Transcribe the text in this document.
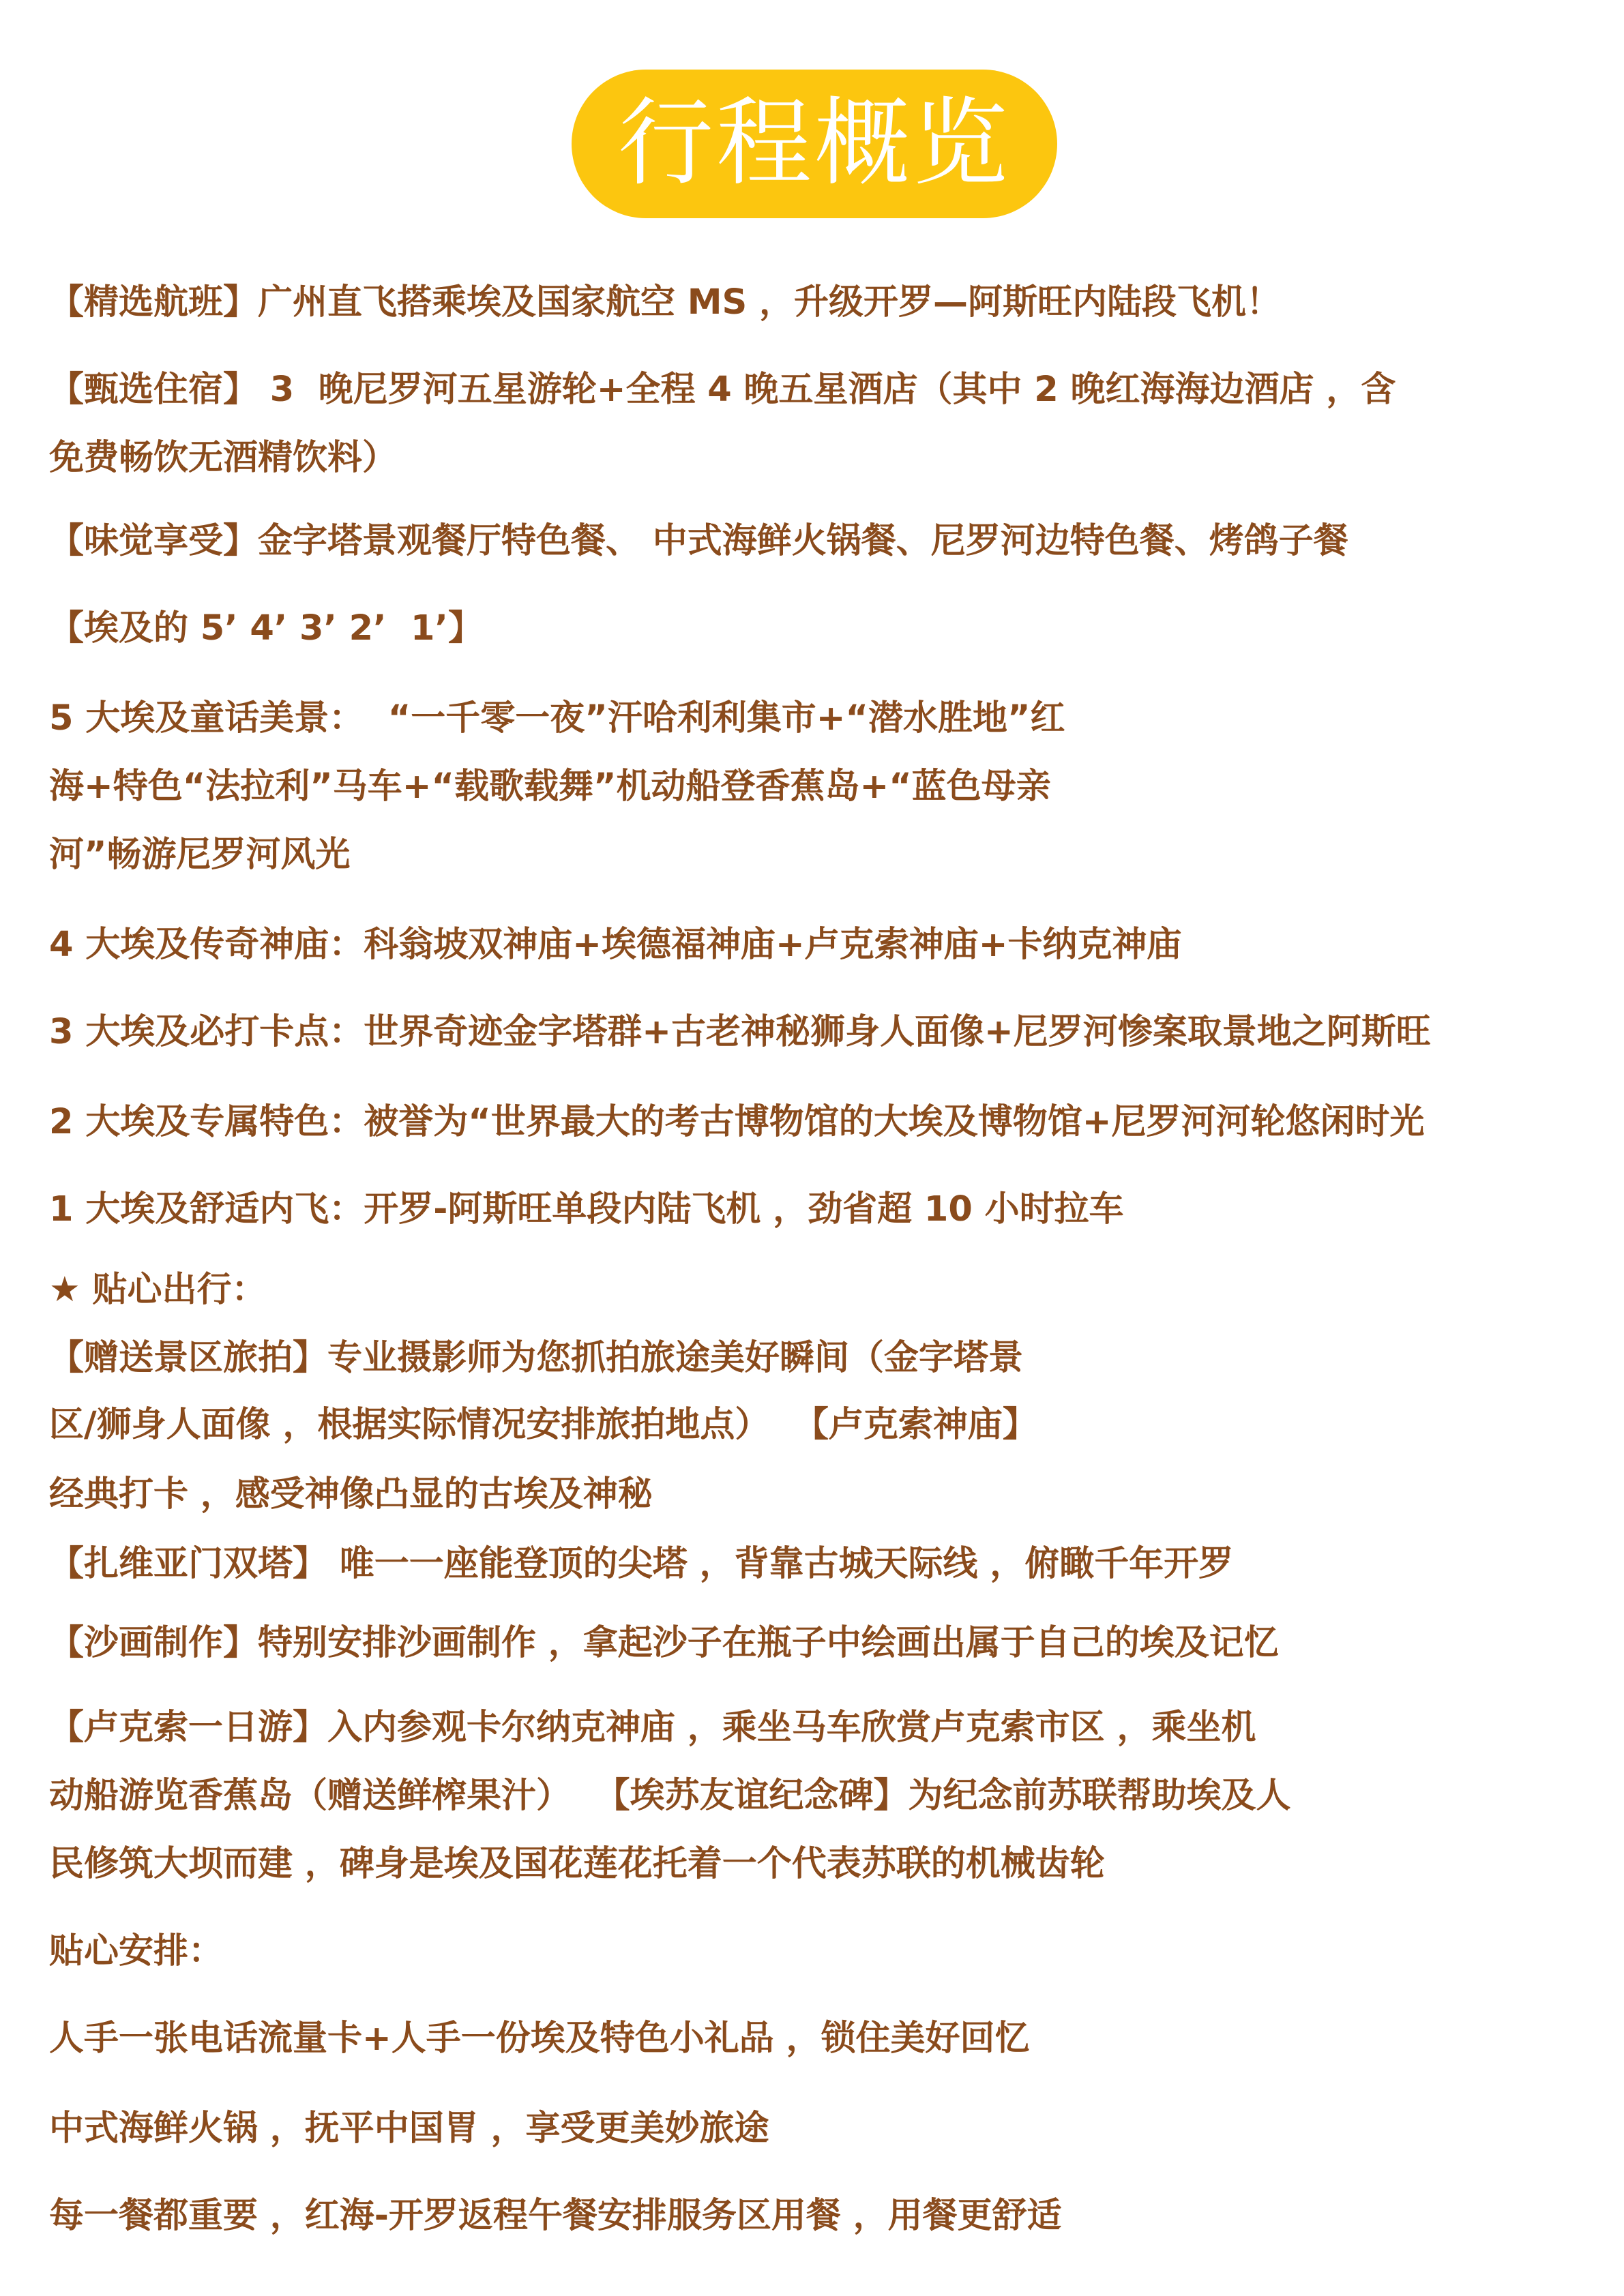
行程概览
【精选航班】广州直飞搭乘埃及国家航空 MS ，升级开罗—阿斯旺内陆段飞机！
【甄选住宿】 3  晚尼罗河五星游轮+全程 4 晚五星酒店（其中 2 晚红海海边酒店 ，含
免费畅饮无酒精饮料）
【味觉享受】金字塔景观餐厅特色餐、 中式海鲜火锅餐、尼罗河边特色餐、烤鸽子餐
【埃及的 5’ 4’ 3’ 2’  1’】
5 大埃及童话美景：  “一千零一夜”汗哈利利集市+“潜水胜地”红
海+特色“法拉利”马车+“载歌载舞”机动船登香蕉岛+“蓝色母亲
河”畅游尼罗河风光
4 大埃及传奇神庙：科翁坡双神庙+埃德福神庙+卢克索神庙+卡纳克神庙
3 大埃及必打卡点：世界奇迹金字塔群+古老神秘狮身人面像+尼罗河惨案取景地之阿斯旺
2 大埃及专属特色：被誉为“世界最大的考古博物馆的大埃及博物馆+尼罗河河轮悠闲时光
1 大埃及舒适内飞：开罗-阿斯旺单段内陆飞机 ，劲省超 10 小时拉车
★ 贴心出行：
【赠送景区旅拍】专业摄影师为您抓拍旅途美好瞬间（金字塔景
区/狮身人面像 ，根据实际情况安排旅拍地点）  【卢克索神庙】
经典打卡 ，感受神像凸显的古埃及神秘
【扎维亚门双塔】 唯一一座能登顶的尖塔 ，背靠古城天际线 ，俯瞰千年开罗
【沙画制作】特别安排沙画制作 ，拿起沙子在瓶子中绘画出属于自己的埃及记忆
【卢克索一日游】入内参观卡尔纳克神庙 ，乘坐马车欣赏卢克索市区 ，乘坐机
动船游览香蕉岛（赠送鲜榨果汁）  【埃苏友谊纪念碑】为纪念前苏联帮助埃及人
民修筑大坝而建 ，碑身是埃及国花莲花托着一个代表苏联的机械齿轮
贴心安排：
人手一张电话流量卡+人手一份埃及特色小礼品 ，锁住美好回忆
中式海鲜火锅 ，抚平中国胃 ，享受更美妙旅途
每一餐都重要 ，红海-开罗返程午餐安排服务区用餐 ，用餐更舒适
